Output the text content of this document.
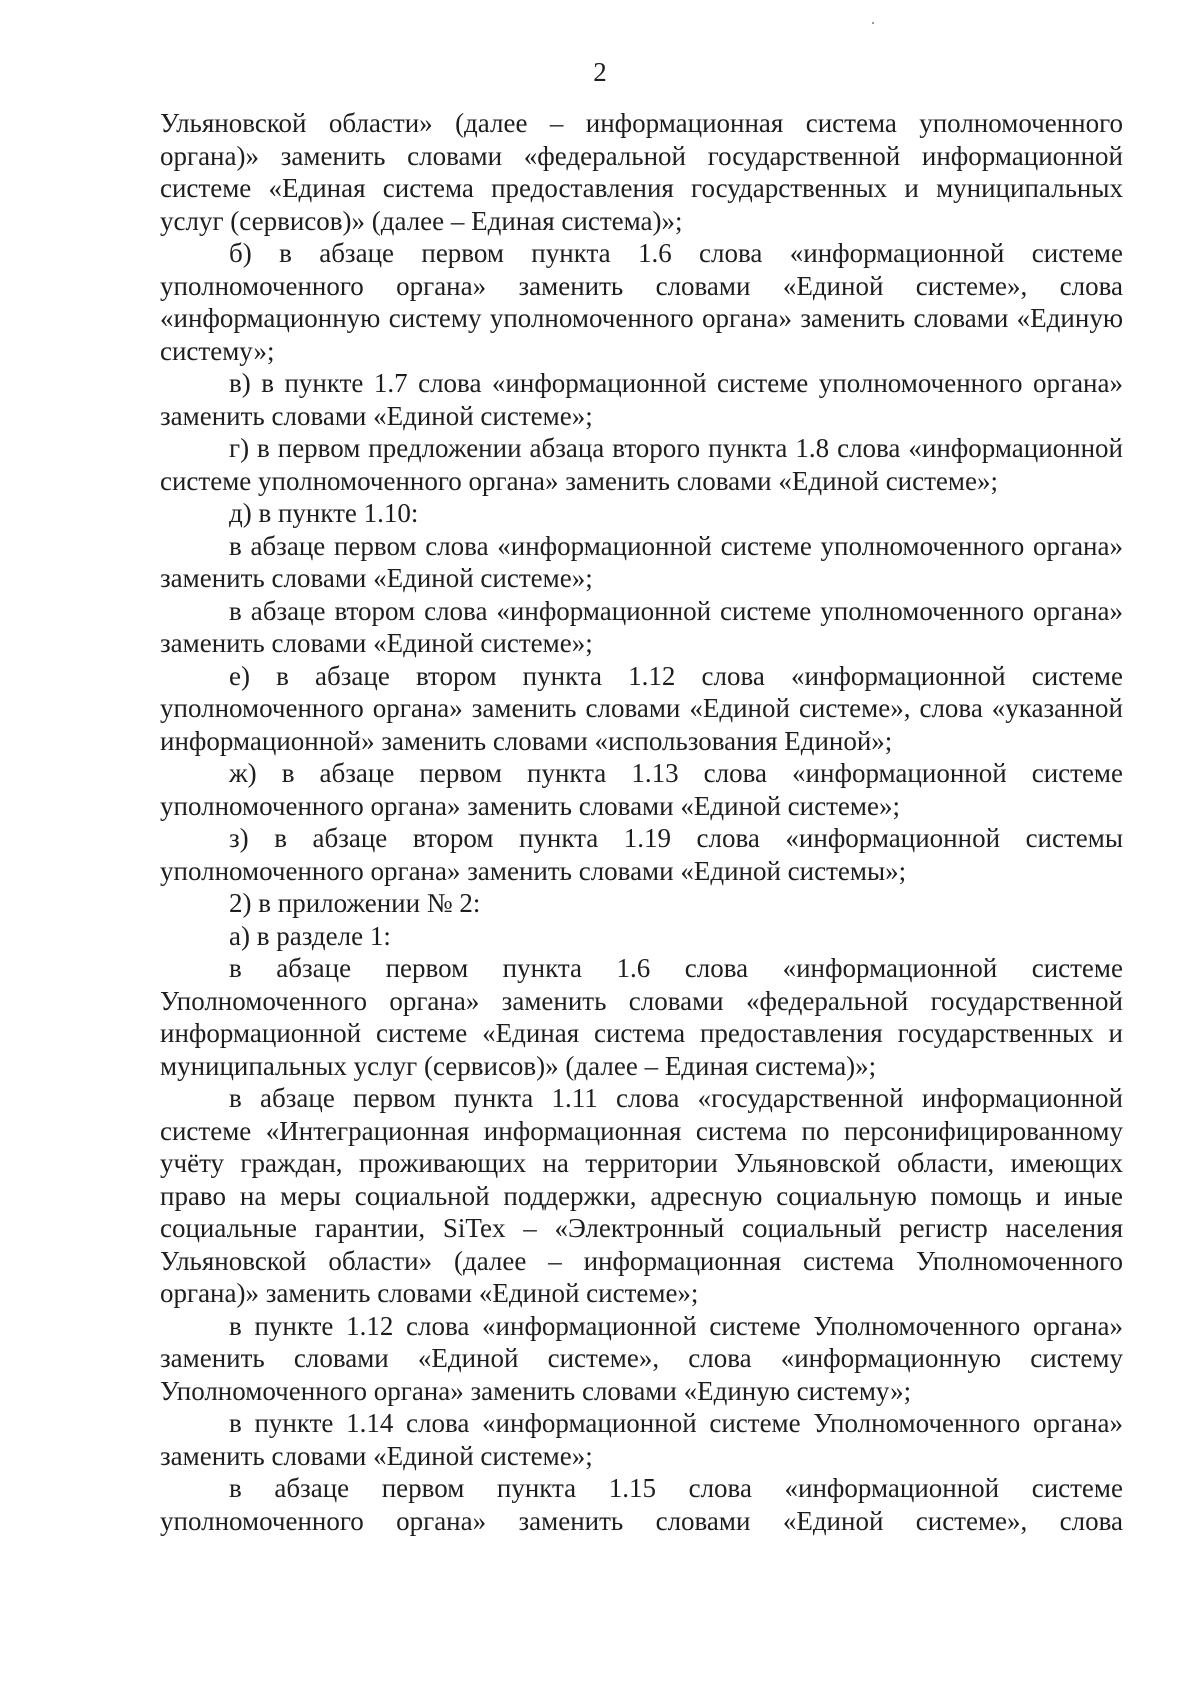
2

Ульяновской области» (далее – информационная система уполномоченного органа)» заменить словами «федеральной государственной информационной системе «Единая система предоставления государственных и муниципальных услуг (сервисов)» (далее – Единая система)»;

б) в абзаце первом пункта 1.6 слова «информационной системе уполномоченного органа» заменить словами «Единой системе», слова «информационную систему уполномоченного органа» заменить словами «Единую систему»;

в) в пункте 1.7 слова «информационной системе уполномоченного органа» заменить словами «Единой системе»;

г) в первом предложении абзаца второго пункта 1.8 слова «информационной системе уполномоченного органа» заменить словами «Единой системе»;

д) в пункте 1.10:

в абзаце первом слова «информационной системе уполномоченного органа» заменить словами «Единой системе»;

в абзаце втором слова «информационной системе уполномоченного органа» заменить словами «Единой системе»;

е) в абзаце втором пункта 1.12 слова «информационной системе уполномоченного органа» заменить словами «Единой системе», слова «указанной информационной» заменить словами «использования Единой»;

ж) в абзаце первом пункта 1.13 слова «информационной системе уполномоченного органа» заменить словами «Единой системе»;

з) в абзаце втором пункта 1.19 слова «информационной системы уполномоченного органа» заменить словами «Единой системы»;

2) в приложении № 2:

а) в разделе 1:

в абзаце первом пункта 1.6 слова «информационной системе Уполномоченного органа» заменить словами «федеральной государственной информационной системе «Единая система предоставления государственных и муниципальных услуг (сервисов)» (далее – Единая система)»;

в абзаце первом пункта 1.11 слова «государственной информационной системе «Интеграционная информационная система по персонифицированному учёту граждан, проживающих на территории Ульяновской области, имеющих право на меры социальной поддержки, адресную социальную помощь и иные социальные гарантии, SiTex – «Электронный социальный регистр населения Ульяновской области» (далее – информационная система Уполномоченного органа)» заменить словами «Единой системе»;

в пункте 1.12 слова «информационной системе Уполномоченного органа» заменить словами «Единой системе», слова «информационную систему Уполномоченного органа» заменить словами «Единую систему»;

в пункте 1.14 слова «информационной системе Уполномоченного органа» заменить словами «Единой системе»;

в абзаце первом пункта 1.15 слова «информационной системе уполномоченного органа» заменить словами «Единой системе», слова
